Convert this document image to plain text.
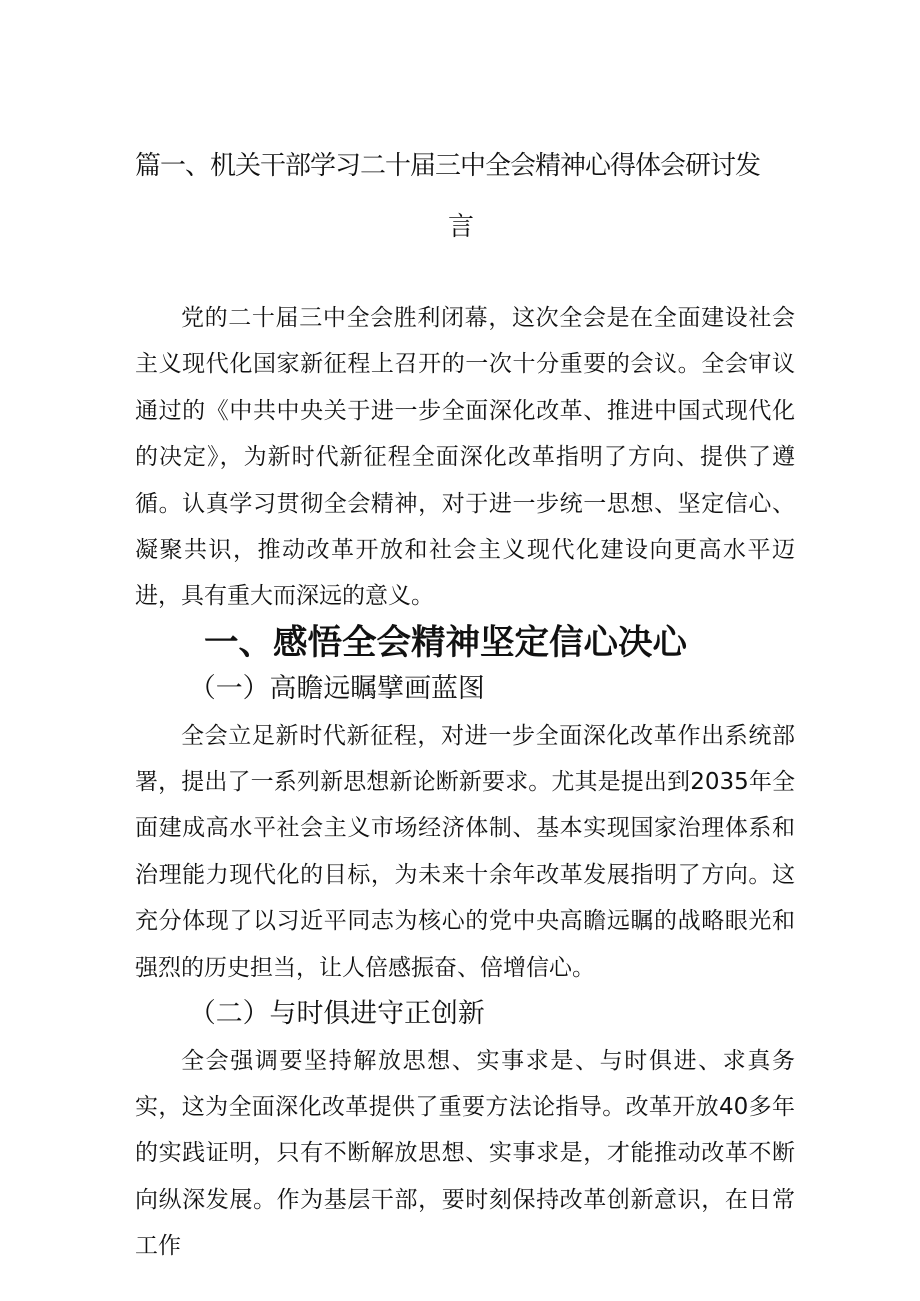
篇一、机关干部学习二十届三中全会精神心得体会研讨发
言

党的二十届三中全会胜利闭幕，这次全会是在全面建设社会主义现代化国家新征程上召开的一次十分重要的会议。全会审议通过的《中共中央关于进一步全面深化改革、推进中国式现代化的决定》，为新时代新征程全面深化改革指明了方向、提供了遵循。认真学习贯彻全会精神，对于进一步统一思想、坚定信心、凝聚共识，推动改革开放和社会主义现代化建设向更高水平迈进，具有重大而深远的意义。

一、感悟全会精神坚定信心决心
（一）高瞻远瞩擘画蓝图

全会立足新时代新征程，对进一步全面深化改革作出系统部署，提出了一系列新思想新论断新要求。尤其是提出到2035年全面建成高水平社会主义市场经济体制、基本实现国家治理体系和治理能力现代化的目标，为未来十余年改革发展指明了方向。这充分体现了以习近平同志为核心的党中央高瞻远瞩的战略眼光和强烈的历史担当，让人倍感振奋、倍增信心。

（二）与时俱进守正创新

全会强调要坚持解放思想、实事求是、与时俱进、求真务实，这为全面深化改革提供了重要方法论指导。改革开放40多年的实践证明，只有不断解放思想、实事求是，才能推动改革不断向纵深发展。作为基层干部，要时刻保持改革创新意识，在日常工作
